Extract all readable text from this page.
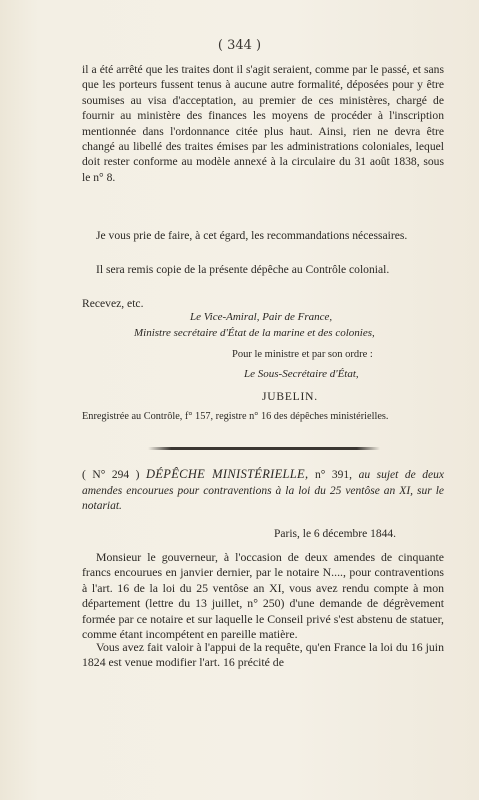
( 344 )

il a été arrêté que les traites dont il s'agit seraient, comme par le passé, et sans que les porteurs fussent tenus à aucune autre formalité, déposées pour y être soumises au visa d'acceptation, au premier de ces ministères, chargé de fournir au ministère des finances les moyens de procéder à l'inscription mentionnée dans l'ordonnance citée plus haut. Ainsi, rien ne devra être changé au libellé des traites émises par les administrations coloniales, lequel doit rester conforme au modèle annexé à la circulaire du 31 août 1838, sous le n° 8.

Je vous prie de faire, à cet égard, les recommandations nécessaires.

Il sera remis copie de la présente dépêche au Contrôle colonial.

Recevez, etc.

Le Vice-Amiral, Pair de France,
Ministre secrétaire d'État de la marine et des colonies,
Pour le ministre et par son ordre :
Le Sous-Secrétaire d'État,
JUBELIN.
Enregistrée au Contrôle, f° 157, registre n° 16 des dépêches ministérielles.
( N° 294 ) DÉPÊCHE MINISTÉRIELLE, n° 391, au sujet de deux amendes encourues pour contraventions à la loi du 25 ventôse an XI, sur le notariat.
Paris, le 6 décembre 1844.

Monsieur le gouverneur, à l'occasion de deux amendes de cinquante francs encourues en janvier dernier, par le notaire N...., pour contraventions à l'art. 16 de la loi du 25 ventôse an XI, vous avez rendu compte à mon département (lettre du 13 juillet, n° 250) d'une demande de dégrèvement formée par ce notaire et sur laquelle le Conseil privé s'est abstenu de statuer, comme étant incompétent en pareille matière.

Vous avez fait valoir à l'appui de la requête, qu'en France la loi du 16 juin 1824 est venue modifier l'art. 16 précité de
